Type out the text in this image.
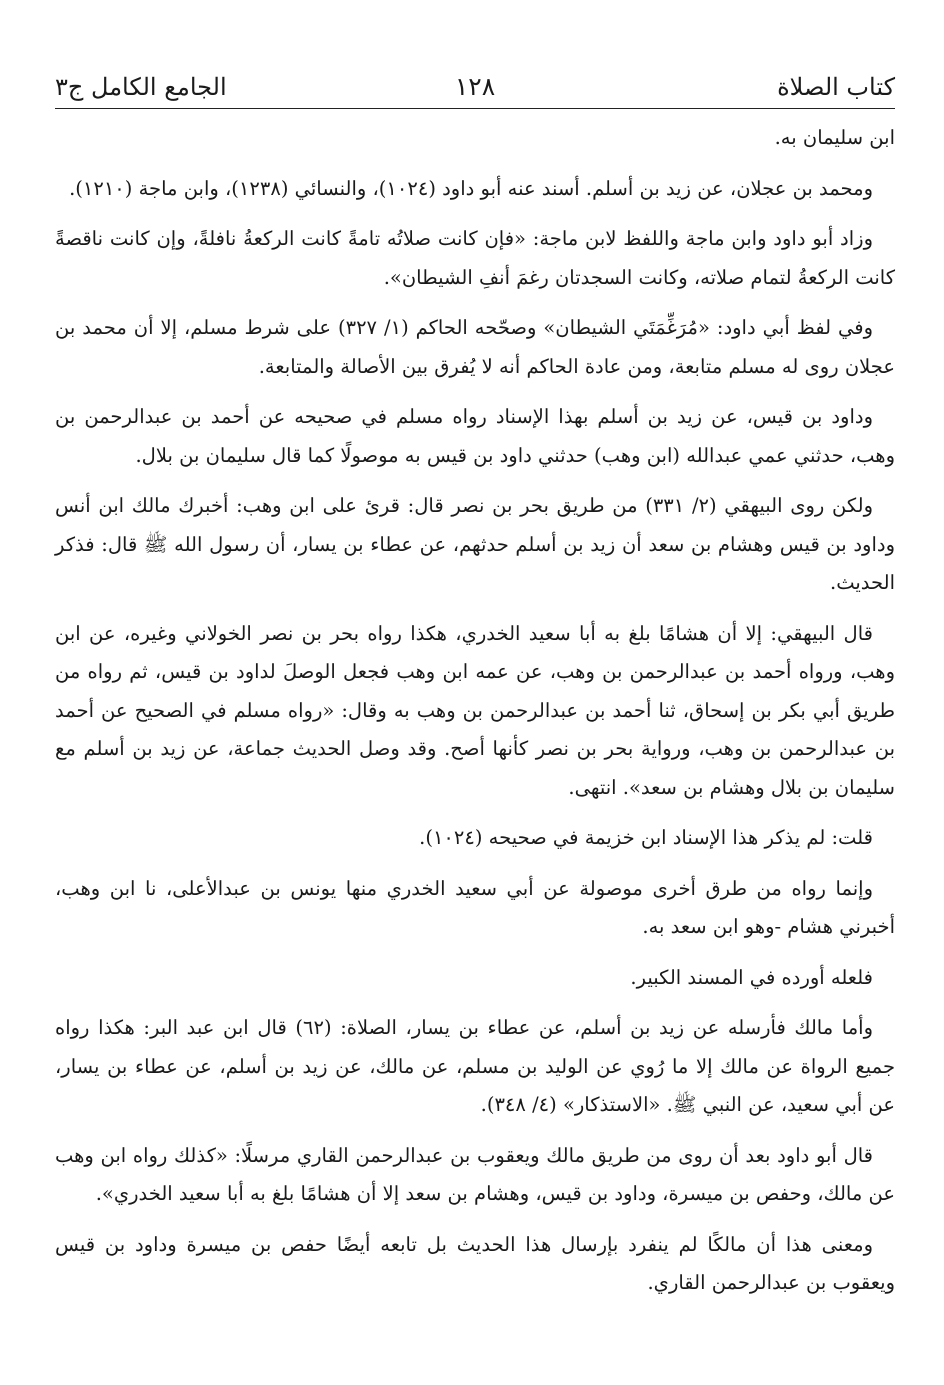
كتاب الصلاة
١٢٨
الجامع الكامل ج٣

ابن سليمان به.

ومحمد بن عجلان، عن زيد بن أسلم. أسند عنه أبو داود (١٠٢٤)، والنسائي (١٢٣٨)، وابن ماجة (١٢١٠).

وزاد أبو داود وابن ماجة واللفظ لابن ماجة: «فإن كانت صلاتُه تامةً كانت الركعةُ نافلةً، وإن كانت ناقصةً كانت الركعةُ لتمام صلاته، وكانت السجدتان رغمَ أنفِ الشيطان».

وفي لفظ أبي داود: «مُرَغِّمَتَي الشيطان» وصحّحه الحاكم (١/ ٣٢٧) على شرط مسلم، إلا أن محمد بن عجلان روى له مسلم متابعة، ومن عادة الحاكم أنه لا يُفرق بين الأصالة والمتابعة.

وداود بن قيس، عن زيد بن أسلم بهذا الإسناد رواه مسلم في صحيحه عن أحمد بن عبدالرحمن بن وهب، حدثني عمي عبدالله (ابن وهب) حدثني داود بن قيس به موصولًا كما قال سليمان بن بلال.

ولكن روى البيهقي (٢/ ٣٣١) من طريق بحر بن نصر قال: قرئ على ابن وهب: أخبرك مالك ابن أنس وداود بن قيس وهشام بن سعد أن زيد بن أسلم حدثهم، عن عطاء بن يسار، أن رسول الله ﷺ قال: فذكر الحديث.

قال البيهقي: إلا أن هشامًا بلغ به أبا سعيد الخدري، هكذا رواه بحر بن نصر الخولاني وغيره، عن ابن وهب، ورواه أحمد بن عبدالرحمن بن وهب، عن عمه ابن وهب فجعل الوصلَ لداود بن قيس، ثم رواه من طريق أبي بكر بن إسحاق، ثنا أحمد بن عبدالرحمن بن وهب به وقال: «رواه مسلم في الصحيح عن أحمد بن عبدالرحمن بن وهب، ورواية بحر بن نصر كأنها أصح. وقد وصل الحديث جماعة، عن زيد بن أسلم مع سليمان بن بلال وهشام بن سعد». انتهى.

قلت: لم يذكر هذا الإسناد ابن خزيمة في صحيحه (١٠٢٤).

وإنما رواه من طرق أخرى موصولة عن أبي سعيد الخدري منها يونس بن عبدالأعلى، نا ابن وهب، أخبرني هشام -وهو ابن سعد به.

فلعله أورده في المسند الكبير.

وأما مالك فأرسله عن زيد بن أسلم، عن عطاء بن يسار، الصلاة: (٦٢) قال ابن عبد البر: هكذا رواه جميع الرواة عن مالك إلا ما رُوي عن الوليد بن مسلم، عن مالك، عن زيد بن أسلم، عن عطاء بن يسار، عن أبي سعيد، عن النبي ﷺ. «الاستذكار» (٤/ ٣٤٨).

قال أبو داود بعد أن روى من طريق مالك ويعقوب بن عبدالرحمن القاري مرسلًا: «كذلك رواه ابن وهب عن مالك، وحفص بن ميسرة، وداود بن قيس، وهشام بن سعد إلا أن هشامًا بلغ به أبا سعيد الخدري».

ومعنى هذا أن مالكًا لم ينفرد بإرسال هذا الحديث بل تابعه أيضًا حفص بن ميسرة وداود بن قيس ويعقوب بن عبدالرحمن القاري.
